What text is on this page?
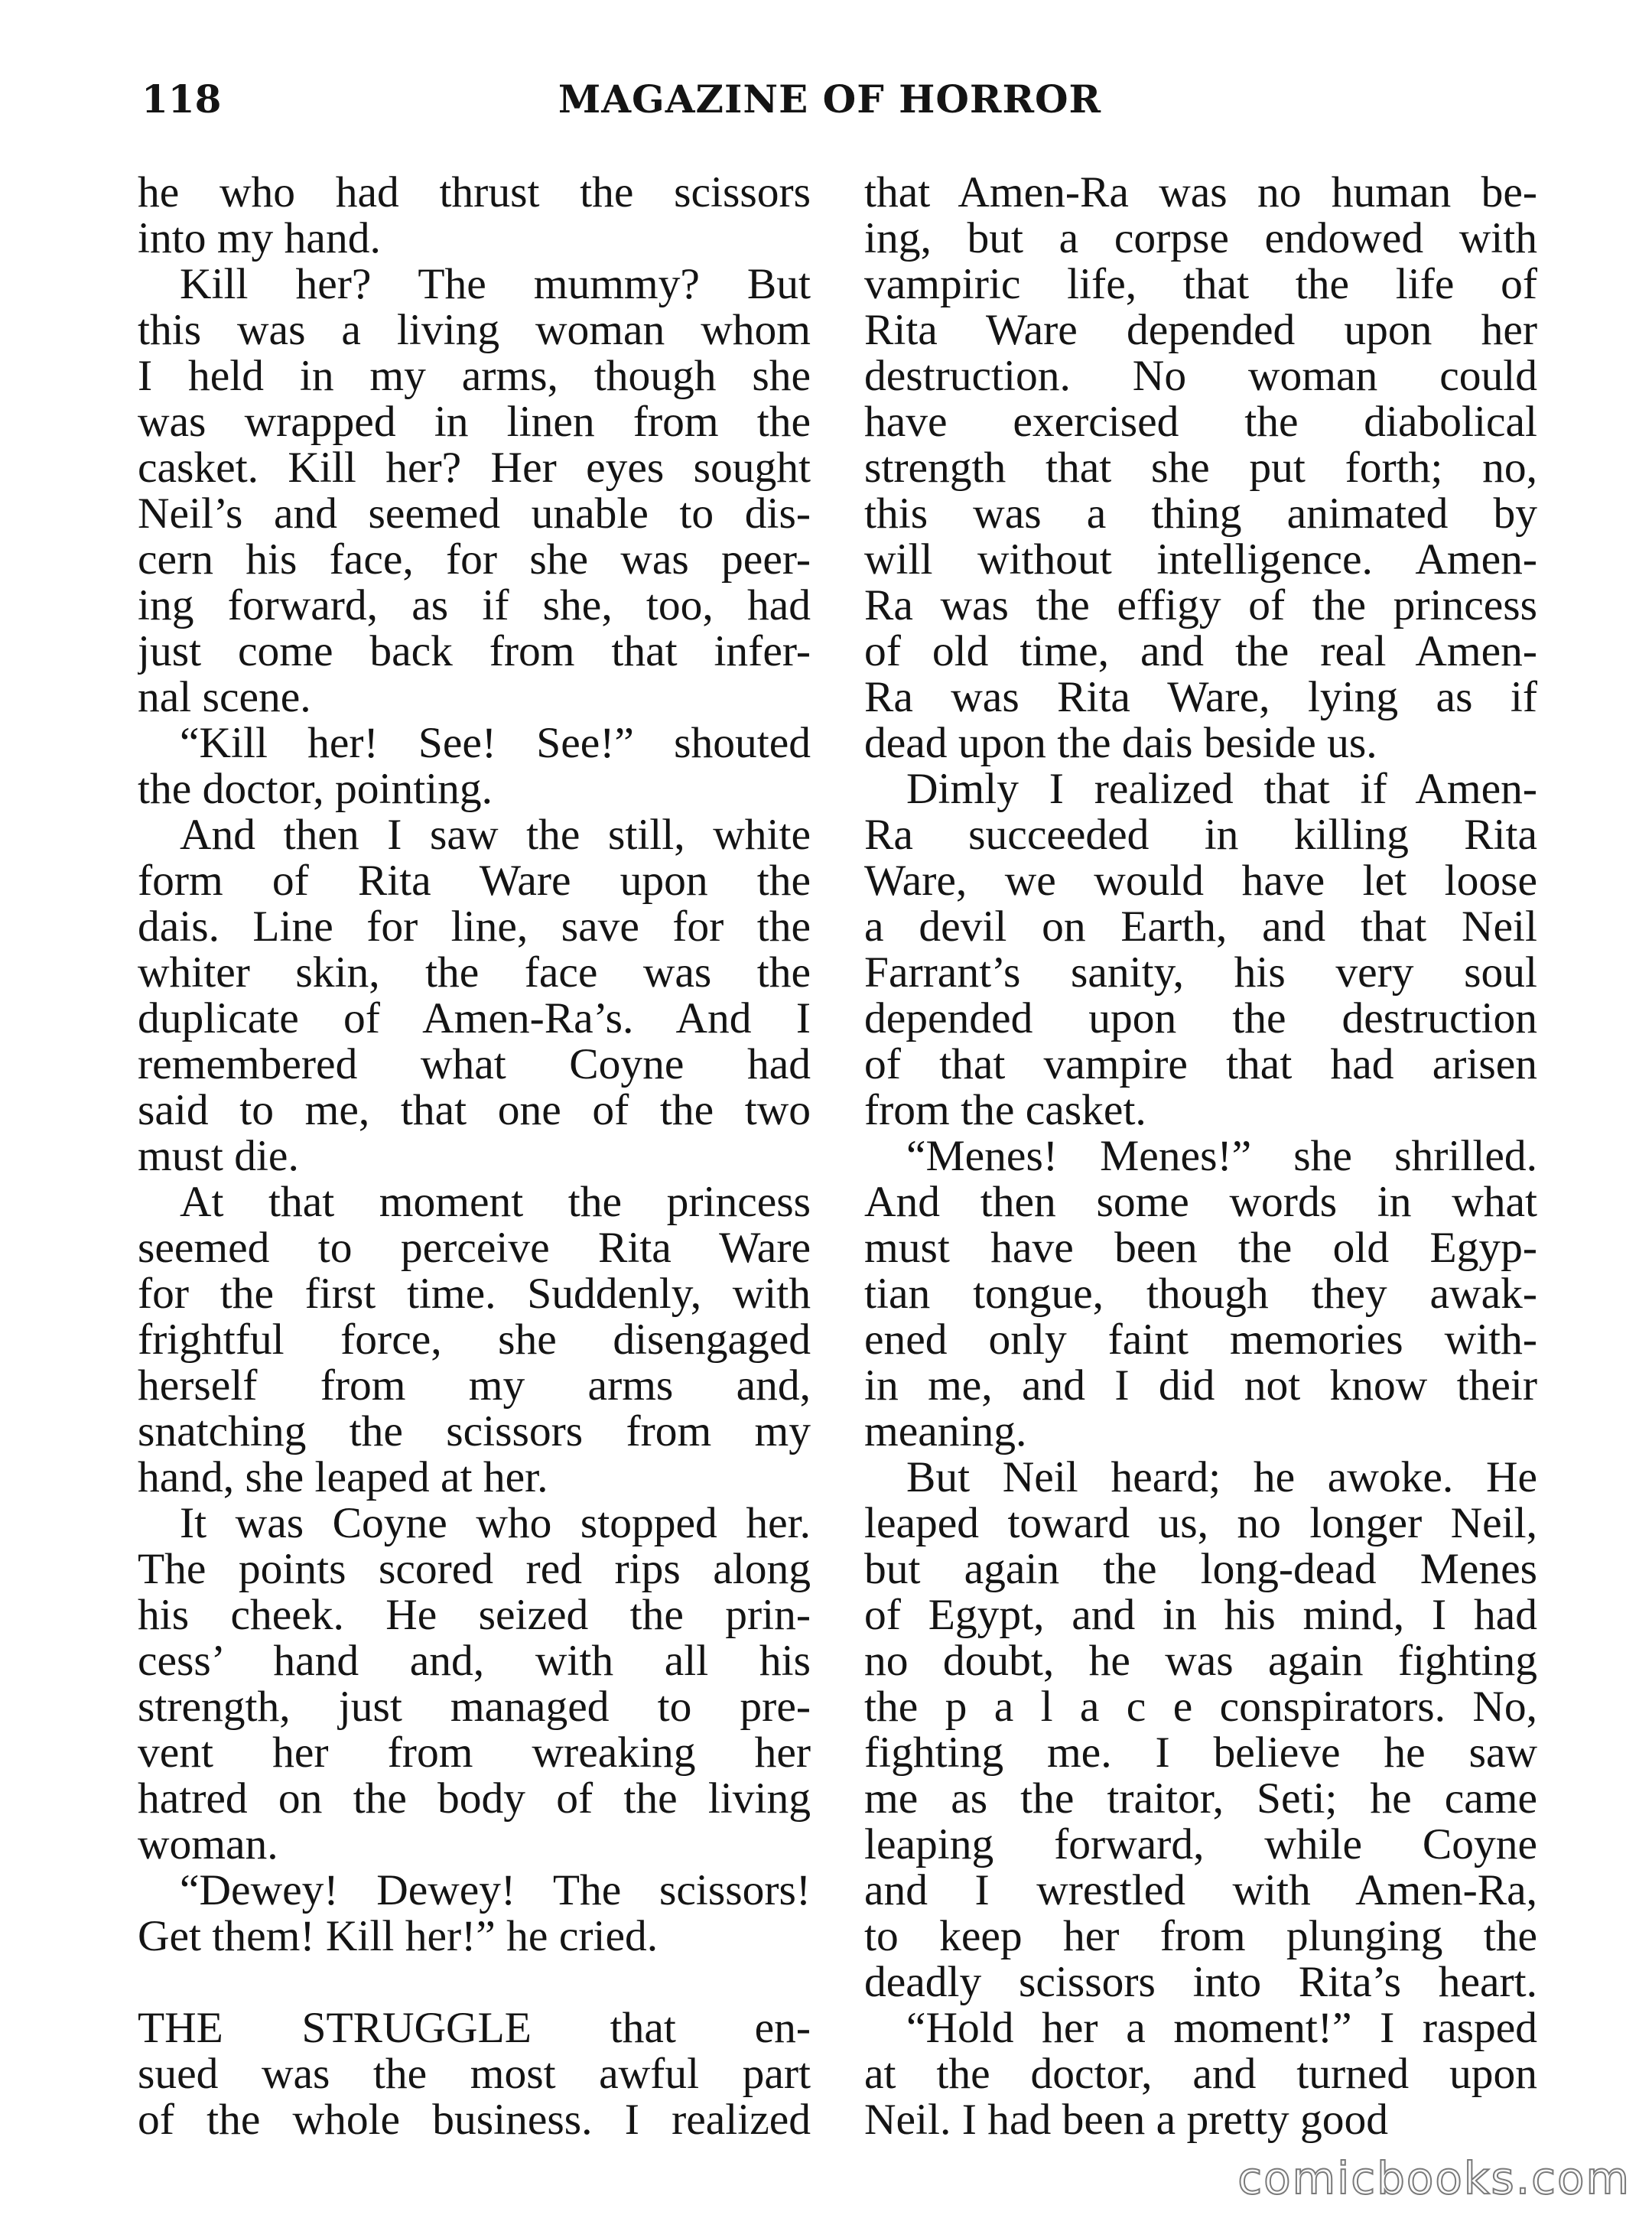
118	MAGAZINE OF HORROR
he who had thrust the scissors
into my hand.
Kill her? The mummy? But
this was a living woman whom
I held in my arms, though she
was wrapped in linen from the
casket. Kill her? Her eyes sought
Neil’s and seemed unable to dis-
cern his face, for she was peer-
ing forward, as if she, too, had
just come back from that infer-
nal scene.
“Kill her! See! See!” shouted
the doctor, pointing.
And then I saw the still, white
form of Rita Ware upon the
dais. Line for line, save for the
whiter skin, the face was the
duplicate of Amen-Ra’s. And I
remembered what Coyne had
said to me, that one of the two
must die.
At that moment the princess
seemed to perceive Rita Ware
for the first time. Suddenly, with
frightful force, she disengaged
herself from my arms and,
snatching the scissors from my
hand, she leaped at her.
It was Coyne who stopped her.
The points scored red rips along
his cheek. He seized the prin-
cess’ hand and, with all his
strength, just managed to pre-
vent her from wreaking her
hatred on the body of the living
woman.
“Dewey! Dewey! The scissors!
Get them! Kill her!” he cried.
THE STRUGGLE that en-
sued was the most awful part
of the whole business. I realized
that Amen-Ra was no human be-
ing, but a corpse endowed with
vampiric life, that the life of
Rita Ware depended upon her
destruction. No woman could
have exercised the diabolical
strength that she put forth; no,
this was a thing animated by
will without intelligence. Amen-
Ra was the effigy of the princess
of old time, and the real Amen-
Ra was Rita Ware, lying as if
dead upon the dais beside us.
Dimly I realized that if Amen-
Ra succeeded in killing Rita
Ware, we would have let loose
a devil on Earth, and that Neil
Farrant’s sanity, his very soul
depended upon the destruction
of that vampire that had arisen
from the casket.
“Menes! Menes!” she shrilled.
And then some words in what
must have been the old Egyp-
tian tongue, though they awak-
ened only faint memories with-
in me, and I did not know their
meaning.
But Neil heard; he awoke. He
leaped toward us, no longer Neil,
but again the long-dead Menes
of Egypt, and in his mind, I had
no doubt, he was again fighting
the p a l a c e conspirators. No,
fighting me. I believe he saw
me as the traitor, Seti; he came
leaping forward, while Coyne
and I wrestled with Amen-Ra,
to keep her from plunging the
deadly scissors into Rita’s heart.
“Hold her a moment!” I rasped
at the doctor, and turned upon
Neil. I had been a pretty good
comicbooks.com
